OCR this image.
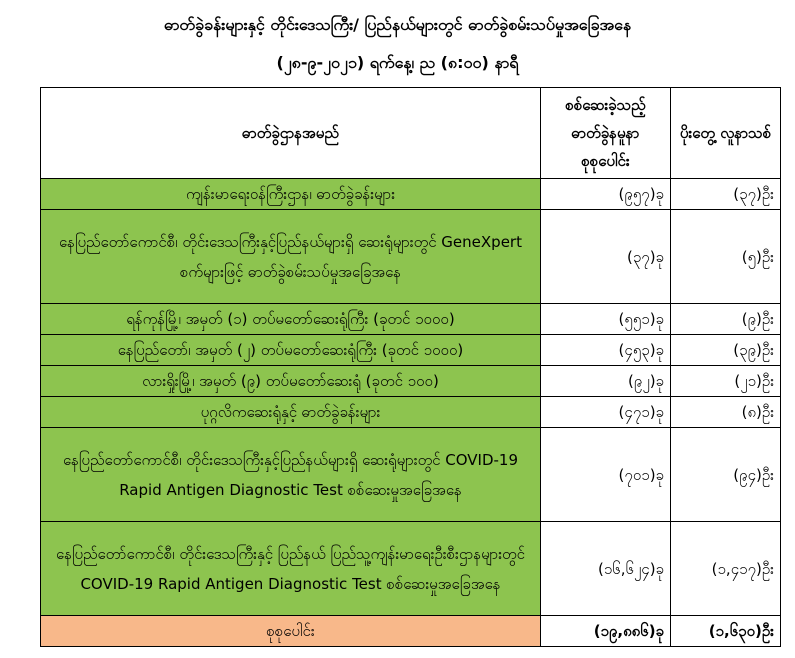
ဓာတ်ခွဲခန်းများနှင့် တိုင်းဒေသကြီး/ ပြည်နယ်များတွင် ဓာတ်ခွဲစမ်းသပ်မှုအခြေအနေ
(၂၈-၉-၂၀၂၁) ရက်နေ့၊ ည (၈:၀၀) နာရီ
ဓာတ်ခွဲဌာနအမည်	စစ်ဆေးခဲ့သည့် ဓာတ်ခွဲနမူနာ စုစုပေါင်း	ပိုးတွေ့ လူနာသစ်
ကျန်းမာရေးဝန်ကြီးဌာန၊ ဓာတ်ခွဲခန်းများ	(၉၅၇)ခု	(၃၇)ဦး
နေပြည်တော်ကောင်စီ၊ တိုင်းဒေသကြီးနှင့်ပြည်နယ်များရှိ ဆေးရုံများတွင် GeneXpert စက်များဖြင့် ဓာတ်ခွဲစမ်းသပ်မှုအခြေအနေ	(၃၇)ခု	(၅)ဦး
ရန်ကုန်မြို့၊ အမှတ် (၁) တပ်မတော်ဆေးရုံကြီး (ခုတင် ၁၀၀၀)	(၅၅၁)ခု	(၉)ဦး
နေပြည်တော်၊ အမှတ် (၂) တပ်မတော်ဆေးရုံကြီး (ခုတင် ၁၀၀၀)	(၄၅၃)ခု	(၃၉)ဦး
လားရှိုးမြို့၊ အမှတ် (၉) တပ်မတော်ဆေးရုံ (ခုတင် ၁၀၀)	(၉၂)ခု	(၂၁)ဦး
ပုဂ္ဂလိကဆေးရုံနှင့် ဓာတ်ခွဲခန်းများ	(၄၇၁)ခု	(၈)ဦး
နေပြည်တော်ကောင်စီ၊ တိုင်းဒေသကြီးနှင့်ပြည်နယ်များရှိ ဆေးရုံများတွင် COVID-19 Rapid Antigen Diagnostic Test စစ်ဆေးမှုအခြေအနေ	(၇၀၁)ခု	(၉၄)ဦး
နေပြည်တော်ကောင်စီ၊ တိုင်းဒေသကြီးနှင့် ပြည်နယ် ပြည်သူ့ကျန်းမာရေးဦးစီးဌာနများတွင် COVID-19 Rapid Antigen Diagnostic Test စစ်ဆေးမှုအခြေအနေ	(၁၆,၆၂၄)ခု	(၁,၄၁၇)ဦး
စုစုပေါင်း	(၁၉,၈၈၆)ခု	(၁,၆၃၀)ဦး
